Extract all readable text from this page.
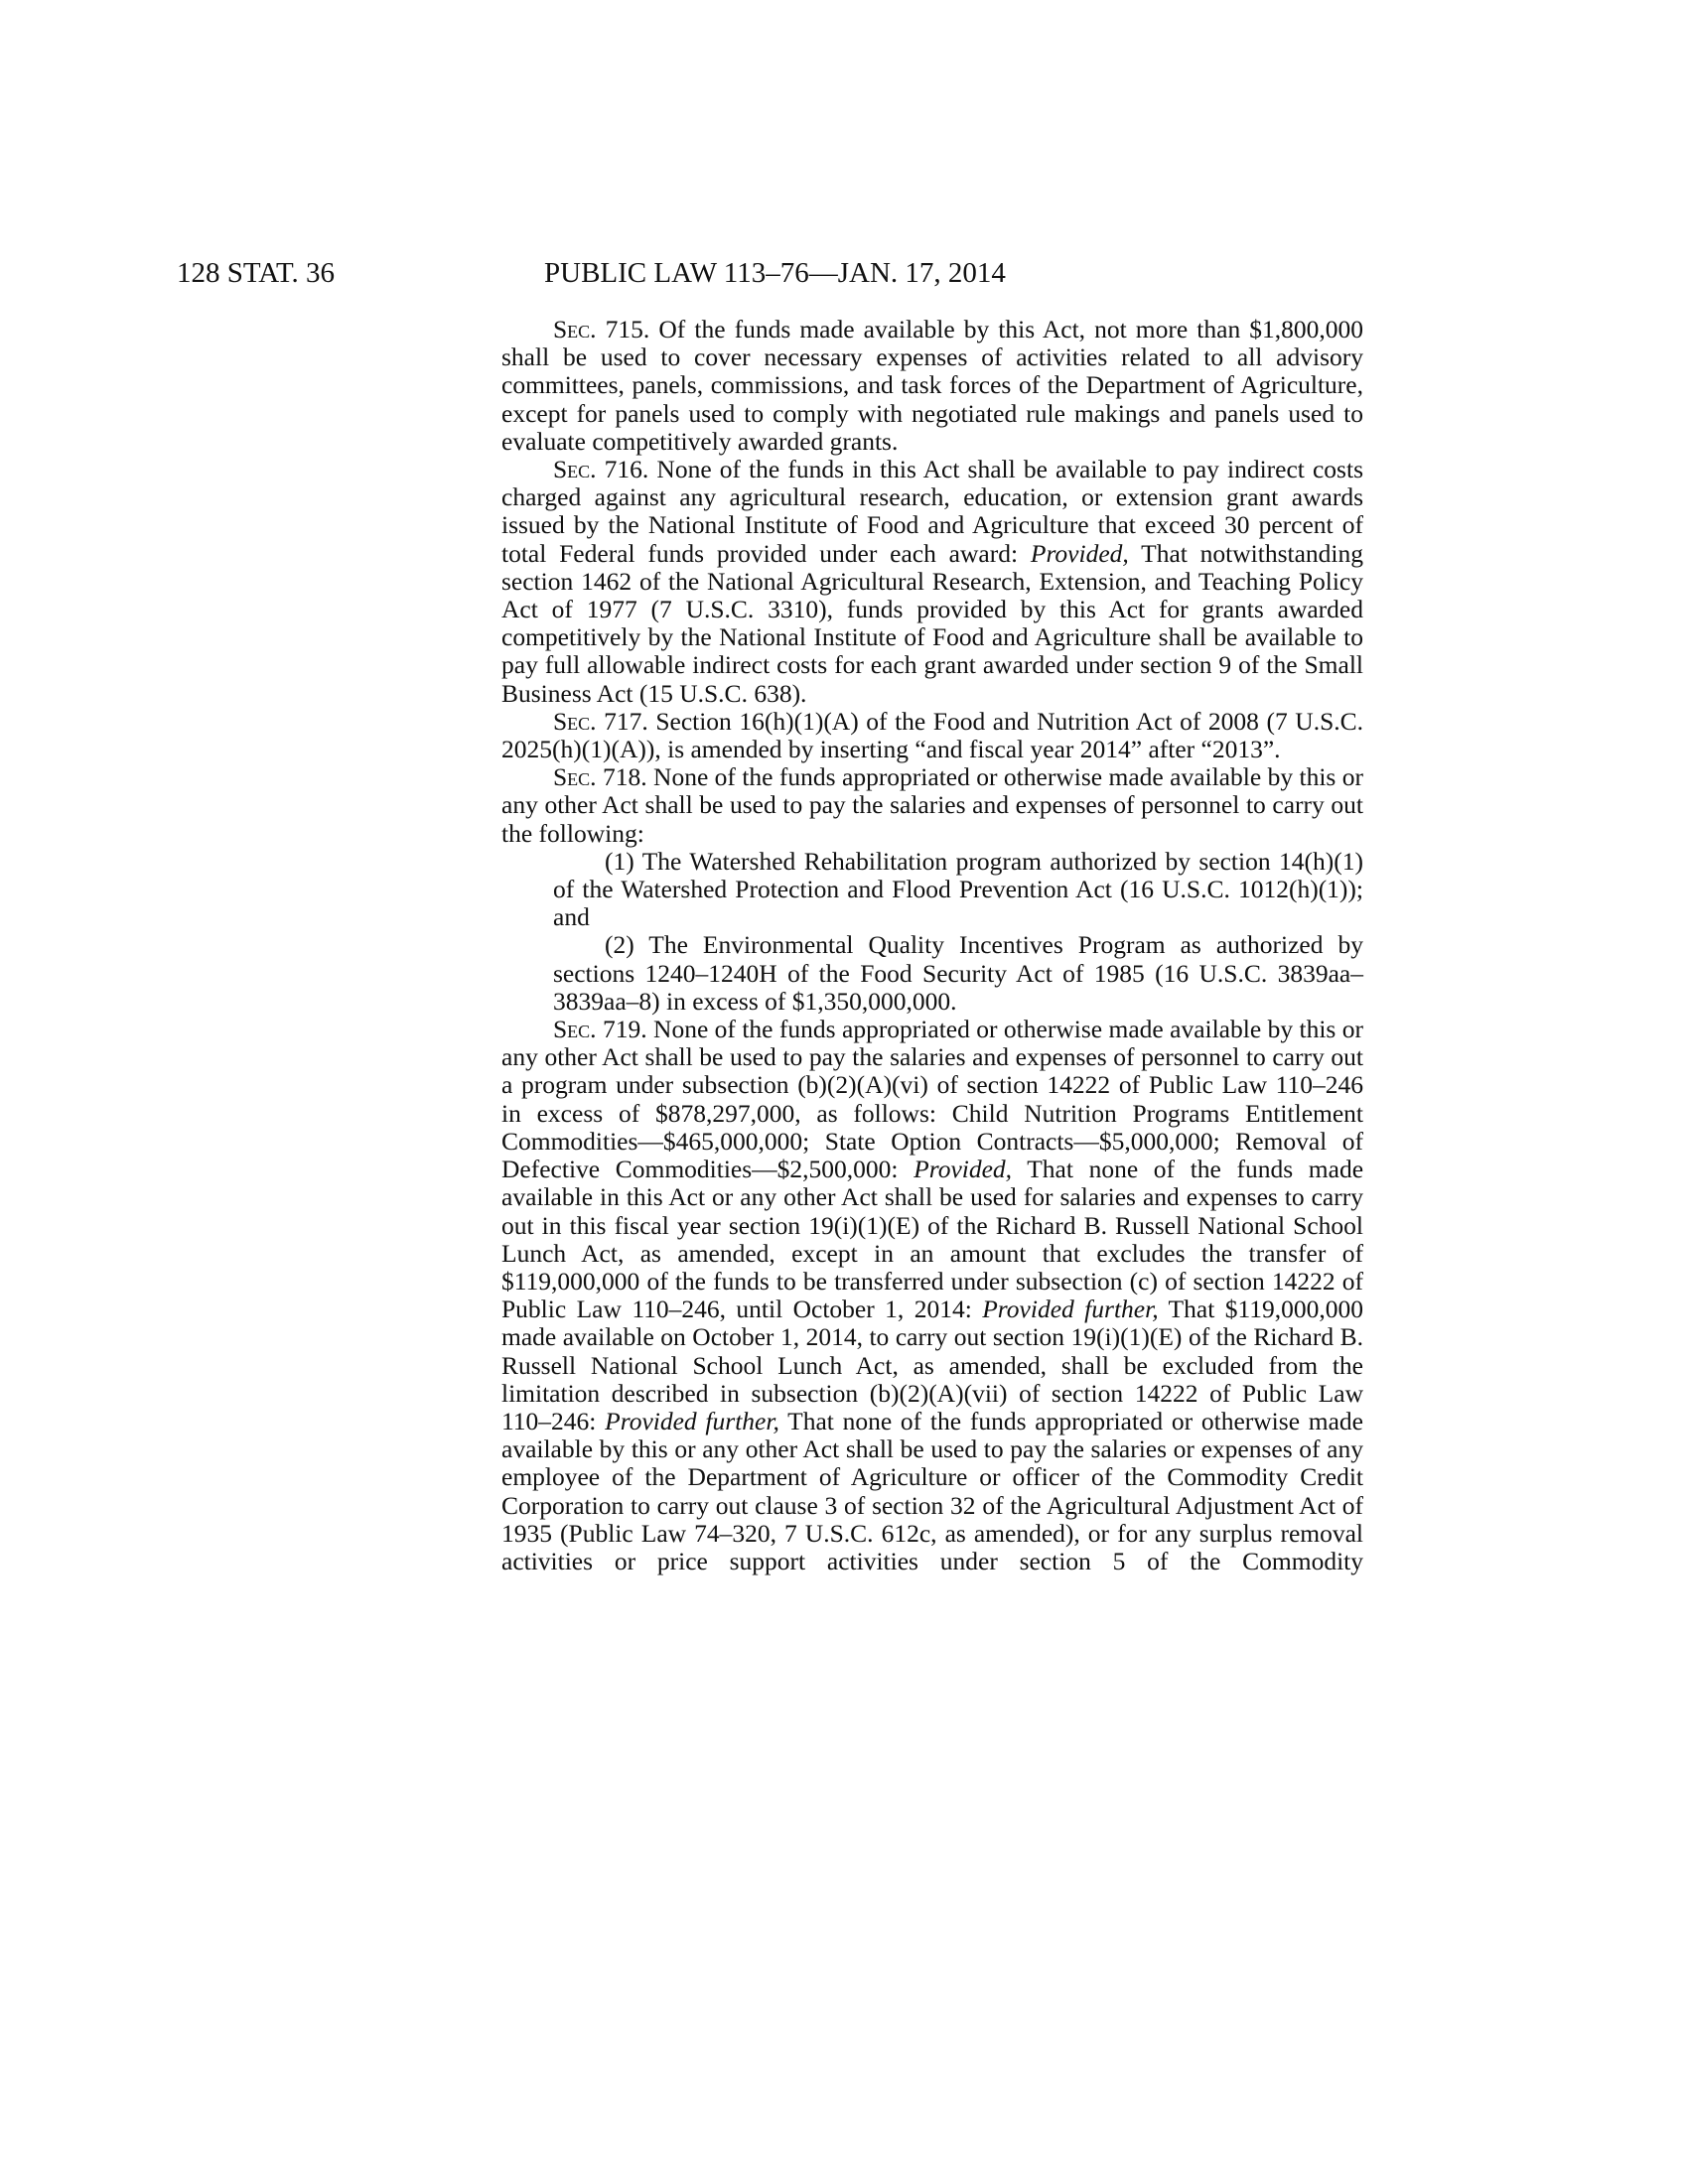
128 STAT. 36	PUBLIC LAW 113–76—JAN. 17, 2014

Sec. 715. Of the funds made available by this Act, not more than $1,800,000 shall be used to cover necessary expenses of activities related to all advisory committees, panels, commissions, and task forces of the Department of Agriculture, except for panels used to comply with negotiated rule makings and panels used to evaluate competitively awarded grants.

Sec. 716. None of the funds in this Act shall be available to pay indirect costs charged against any agricultural research, education, or extension grant awards issued by the National Institute of Food and Agriculture that exceed 30 percent of total Federal funds provided under each award: Provided, That notwithstanding section 1462 of the National Agricultural Research, Extension, and Teaching Policy Act of 1977 (7 U.S.C. 3310), funds provided by this Act for grants awarded competitively by the National Institute of Food and Agriculture shall be available to pay full allowable indirect costs for each grant awarded under section 9 of the Small Business Act (15 U.S.C. 638).

Sec. 717. Section 16(h)(1)(A) of the Food and Nutrition Act of 2008 (7 U.S.C. 2025(h)(1)(A)), is amended by inserting “and fiscal year 2014” after “2013”.

Sec. 718. None of the funds appropriated or otherwise made available by this or any other Act shall be used to pay the salaries and expenses of personnel to carry out the following:

(1) The Watershed Rehabilitation program authorized by section 14(h)(1) of the Watershed Protection and Flood Prevention Act (16 U.S.C. 1012(h)(1)); and

(2) The Environmental Quality Incentives Program as authorized by sections 1240–1240H of the Food Security Act of 1985 (16 U.S.C. 3839aa–3839aa–8) in excess of $1,350,000,000.

Sec. 719. None of the funds appropriated or otherwise made available by this or any other Act shall be used to pay the salaries and expenses of personnel to carry out a program under subsection (b)(2)(A)(vi) of section 14222 of Public Law 110–246 in excess of $878,297,000, as follows: Child Nutrition Programs Entitlement Commodities—$465,000,000; State Option Contracts—$5,000,000; Removal of Defective Commodities—$2,500,000: Provided, That none of the funds made available in this Act or any other Act shall be used for salaries and expenses to carry out in this fiscal year section 19(i)(1)(E) of the Richard B. Russell National School Lunch Act, as amended, except in an amount that excludes the transfer of $119,000,000 of the funds to be transferred under subsection (c) of section 14222 of Public Law 110–246, until October 1, 2014: Provided further, That $119,000,000 made available on October 1, 2014, to carry out section 19(i)(1)(E) of the Richard B. Russell National School Lunch Act, as amended, shall be excluded from the limitation described in subsection (b)(2)(A)(vii) of section 14222 of Public Law 110–246: Provided further, That none of the funds appropriated or otherwise made available by this or any other Act shall be used to pay the salaries or expenses of any employee of the Department of Agriculture or officer of the Commodity Credit Corporation to carry out clause 3 of section 32 of the Agricultural Adjustment Act of 1935 (Public Law 74–320, 7 U.S.C. 612c, as amended), or for any surplus removal activities or price support activities under section 5 of the Commodity
